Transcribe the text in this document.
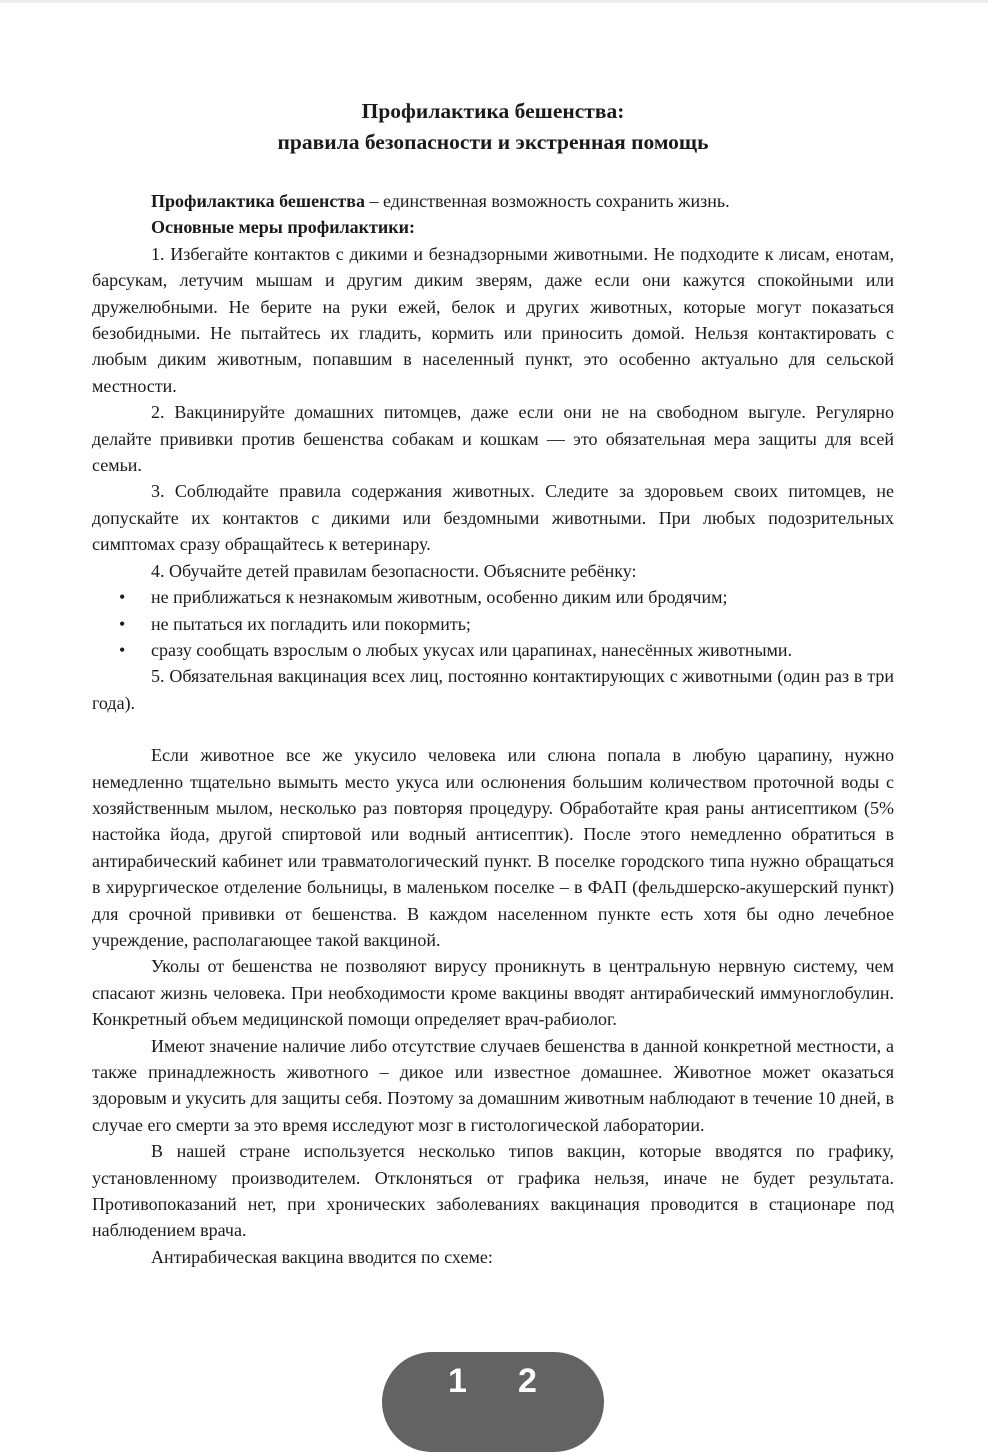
Профилактика бешенства:
правила безопасности и экстренная помощь

Профилактика бешенства – единственная возможность сохранить жизнь.

Основные меры профилактики:

1. Избегайте контактов с дикими и безнадзорными животными. Не подходите к лисам, енотам, барсукам, летучим мышам и другим диким зверям, даже если они кажутся спокойными или дружелюбными. Не берите на руки ежей, белок и других животных, которые могут показаться безобидными. Не пытайтесь их гладить, кормить или приносить домой. Нельзя контактировать с любым диким животным, попавшим в населенный пункт, это особенно актуально для сельской местности.

2. Вакцинируйте домашних питомцев, даже если они не на свободном выгуле. Регулярно делайте прививки против бешенства собакам и кошкам — это обязательная мера защиты для всей семьи.

3. Соблюдайте правила содержания животных. Следите за здоровьем своих питомцев, не допускайте их контактов с дикими или бездомными животными. При любых подозрительных симптомах сразу обращайтесь к ветеринару.

4. Обучайте детей правилам безопасности. Объясните ребёнку:

• не приближаться к незнакомым животным, особенно диким или бродячим;
• не пытаться их погладить или покормить;
• сразу сообщать взрослым о любых укусах или царапинах, нанесённых животными.

5. Обязательная вакцинация всех лиц, постоянно контактирующих с животными (один раз в три года).

Если животное все же укусило человека или слюна попала в любую царапину, нужно немедленно тщательно вымыть место укуса или ослюнения большим количеством проточной воды с хозяйственным мылом, несколько раз повторяя процедуру. Обработайте края раны антисептиком (5% настойка йода, другой спиртовой или водный антисептик). После этого немедленно обратиться в антирабический кабинет или травматологический пункт. В поселке городского типа нужно обращаться в хирургическое отделение больницы, в маленьком поселке – в ФАП (фельдшерско-акушерский пункт) для срочной прививки от бешенства. В каждом населенном пункте есть хотя бы одно лечебное учреждение, располагающее такой вакциной.

Уколы от бешенства не позволяют вирусу проникнуть в центральную нервную систему, чем спасают жизнь человека. При необходимости кроме вакцины вводят антирабический иммуноглобулин. Конкретный объем медицинской помощи определяет врач-рабиолог.

Имеют значение наличие либо отсутствие случаев бешенства в данной конкретной местности, а также принадлежность животного – дикое или известное домашнее. Животное может оказаться здоровым и укусить для защиты себя. Поэтому за домашним животным наблюдают в течение 10 дней, в случае его смерти за это время исследуют мозг в гистологической лаборатории.

В нашей стране используется несколько типов вакцин, которые вводятся по графику, установленному производителем. Отклоняться от графика нельзя, иначе не будет результата. Противопоказаний нет, при хронических заболеваниях вакцинация проводится в стационаре под наблюдением врача.

Антирабическая вакцина вводится по схеме:

1 2
